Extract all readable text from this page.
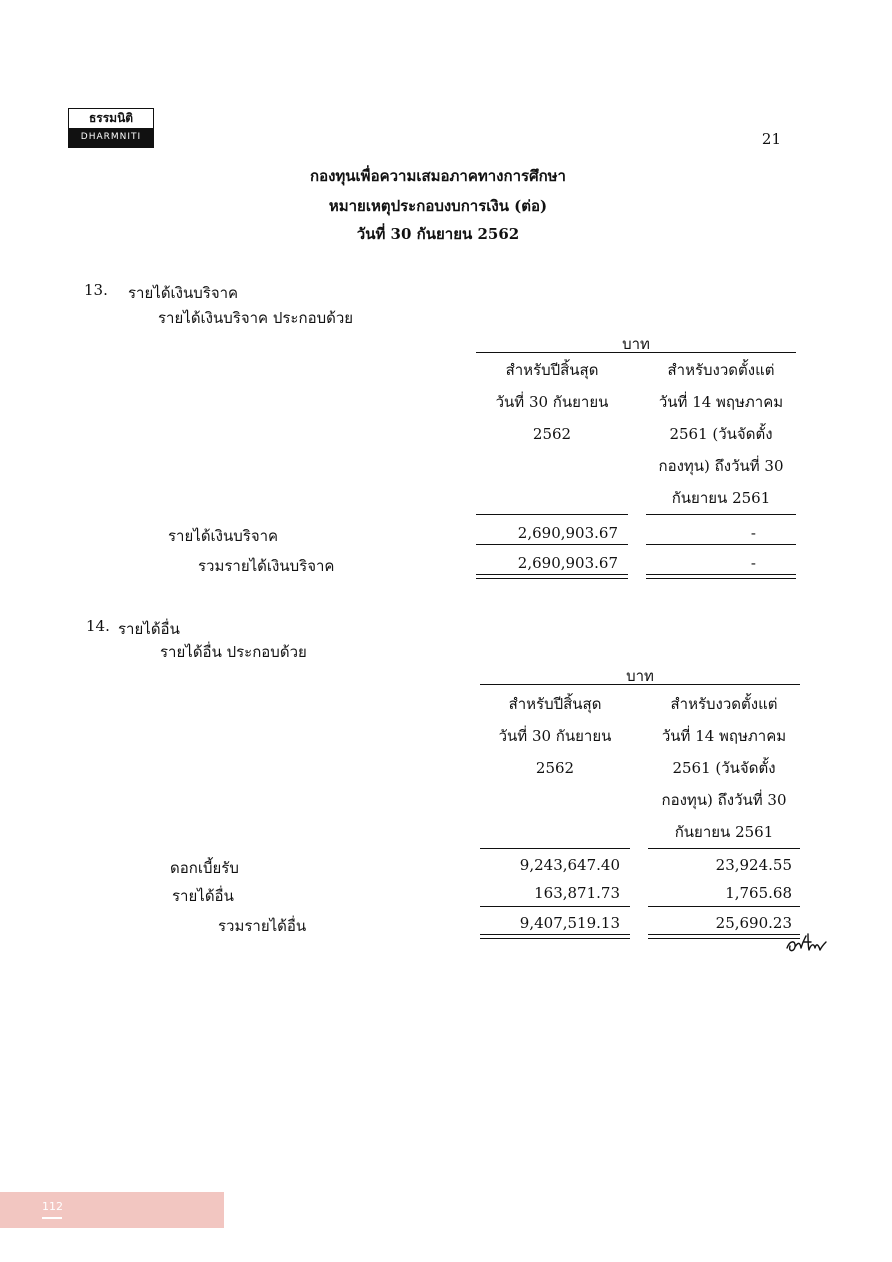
ธรรมนิติ
DHARMNITI	21
กองทุนเพื่อความเสมอภาคทางการศึกษา
หมายเหตุประกอบงบการเงิน (ต่อ)
วันที่ 30 กันยายน 2562
13. รายได้เงินบริจาค
รายได้เงินบริจาค ประกอบด้วย
บาท
สำหรับปีสิ้นสุด
วันที่ 30 กันยายน
2562
สำหรับงวดตั้งแต่
วันที่ 14 พฤษภาคม
2561 (วันจัดตั้ง
กองทุน) ถึงวันที่ 30
กันยายน 2561
รายได้เงินบริจาค	2,690,903.67	-
รวมรายได้เงินบริจาค	2,690,903.67	-
14. รายได้อื่น
รายได้อื่น ประกอบด้วย
บาท
สำหรับปีสิ้นสุด
วันที่ 30 กันยายน
2562
สำหรับงวดตั้งแต่
วันที่ 14 พฤษภาคม
2561 (วันจัดตั้ง
กองทุน) ถึงวันที่ 30
กันยายน 2561
ดอกเบี้ยรับ	9,243,647.40	23,924.55
รายได้อื่น	163,871.73	1,765.68
รวมรายได้อื่น	9,407,519.13	25,690.23
112
